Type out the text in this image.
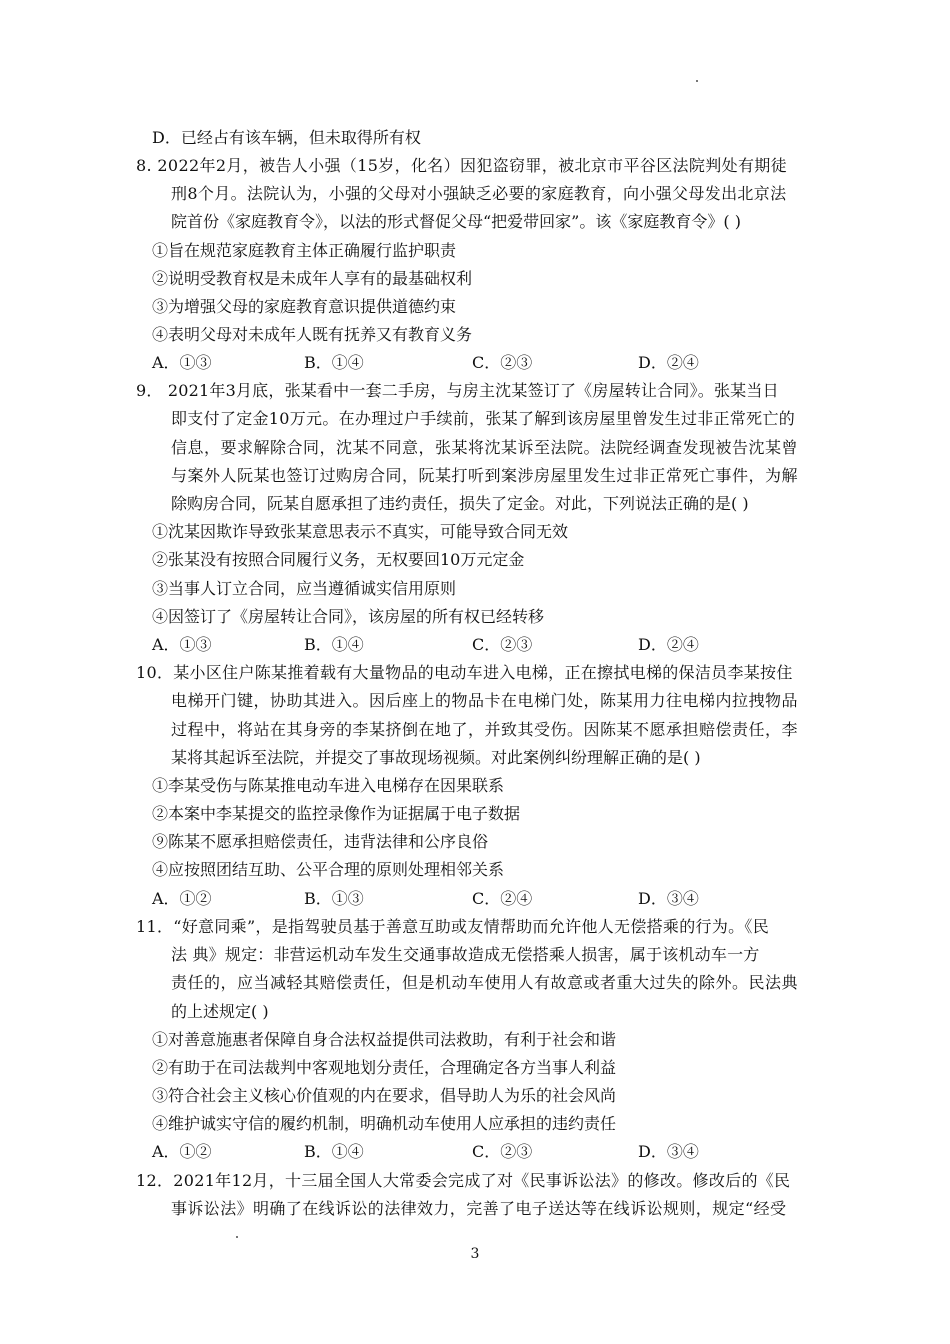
D．已经占有该车辆，但未取得所有权
8. 2022年2月，被告人小强（15岁，化名）因犯盗窃罪，被北京市平谷区法院判处有期徒
刑8个月。法院认为，小强的父母对小强缺乏必要的家庭教育，向小强父母发出北京法
院首份《家庭教育令》，以法的形式督促父母“把爱带回家”。该《家庭教育令》( )
①旨在规范家庭教育主体正确履行监护职责
②说明受教育权是未成年人享有的最基础权利
③为增强父母的家庭教育意识提供道德约束
④表明父母对未成年人既有抚养又有教育义务
A．①③	B．①④	C．②③	D．②④
9． 2021年3月底，张某看中一套二手房，与房主沈某签订了《房屋转让合同》。张某当日
即支付了定金10万元。在办理过户手续前，张某了解到该房屋里曾发生过非正常死亡的
信息，要求解除合同，沈某不同意，张某将沈某诉至法院。法院经调查发现被告沈某曾
与案外人阮某也签订过购房合同，阮某打听到案涉房屋里发生过非正常死亡事件，为解
除购房合同，阮某自愿承担了违约责任，损失了定金。对此，下列说法正确的是( )
①沈某因欺诈导致张某意思表示不真实，可能导致合同无效
②张某没有按照合同履行义务，无权要回10万元定金
③当事人订立合同，应当遵循诚实信用原则
④因签订了《房屋转让合同》，该房屋的所有权已经转移
A．①③	B．①④	C．②③	D．②④
10．某小区住户陈某推着载有大量物品的电动车进入电梯，正在擦拭电梯的保洁员李某按住
电梯开门键，协助其进入。因后座上的物品卡在电梯门处，陈某用力往电梯内拉拽物品
过程中，将站在其身旁的李某挤倒在地了，并致其受伤。因陈某不愿承担赔偿责任，李
某将其起诉至法院，并提交了事故现场视频。对此案例纠纷理解正确的是( )
①李某受伤与陈某推电动车进入电梯存在因果联系
②本案中李某提交的监控录像作为证据属于电子数据
⑨陈某不愿承担赔偿责任，违背法律和公序良俗
④应按照团结互助、公平合理的原则处理相邻关系
A．①②	B．①③	C．②④	D．③④
11．“好意同乘”，是指驾驶员基于善意互助或友情帮助而允许他人无偿搭乘的行为。《民
法 典》规定：非营运机动车发生交通事故造成无偿搭乘人损害，属于该机动车一方
责任的，应当减轻其赔偿责任，但是机动车使用人有故意或者重大过失的除外。民法典
的上述规定( )
①对善意施惠者保障自身合法权益提供司法救助，有利于社会和谐
②有助于在司法裁判中客观地划分责任，合理确定各方当事人利益
③符合社会主义核心价值观的内在要求，倡导助人为乐的社会风尚
④维护诚实守信的履约机制，明确机动车使用人应承担的违约责任
A．①②	B．①④	C．②③	D．③④
12．2021年12月，十三届全国人大常委会完成了对《民事诉讼法》的修改。修改后的《民
事诉讼法》明确了在线诉讼的法律效力，完善了电子送达等在线诉讼规则，规定“经受
3
